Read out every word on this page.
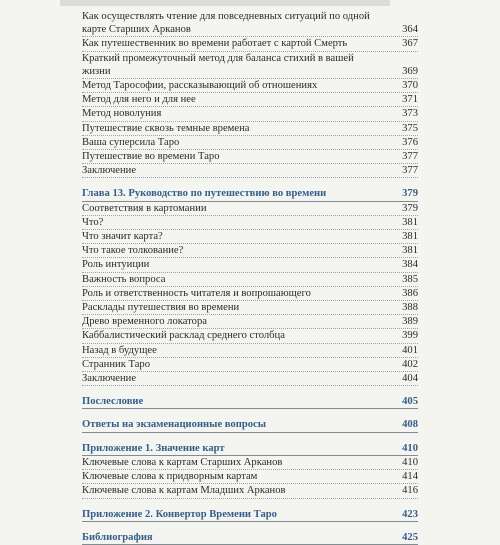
Как осуществлять чтение для повседневных ситуаций по одной карте Старших Арканов	364
Как путешественник во времени работает с картой Смерть	367
Краткий промежуточный метод для баланса стихий в вашей жизни	369
Метод Тарософии, рассказывающий об отношениях	370
Метод для него и для нее	371
Метод новолуния	373
Путешествие сквозь темные времена	375
Ваша суперсила Таро	376
Путешествие во времени Таро	377
Заключение	377
Глава 13. Руководство по путешествию во времени	379
Соответствия в картомании	379
Что?	381
Что значит карта?	381
Что такое толкование?	381
Роль интуиции	384
Важность вопроса	385
Роль и ответственность читателя и вопрошающего	386
Расклады путешествия во времени	388
Древо временного локатора	389
Каббалистический расклад среднего столбца	399
Назад в будущее	401
Странник Таро	402
Заключение	404
Послесловие	405
Ответы на экзаменационные вопросы	408
Приложение 1. Значение карт	410
Ключевые слова к картам Старших Арканов	410
Ключевые слова к придворным картам	414
Ключевые слова к картам Младших Арканов	416
Приложение 2. Конвертор Времени Таро	423
Библиография	425
